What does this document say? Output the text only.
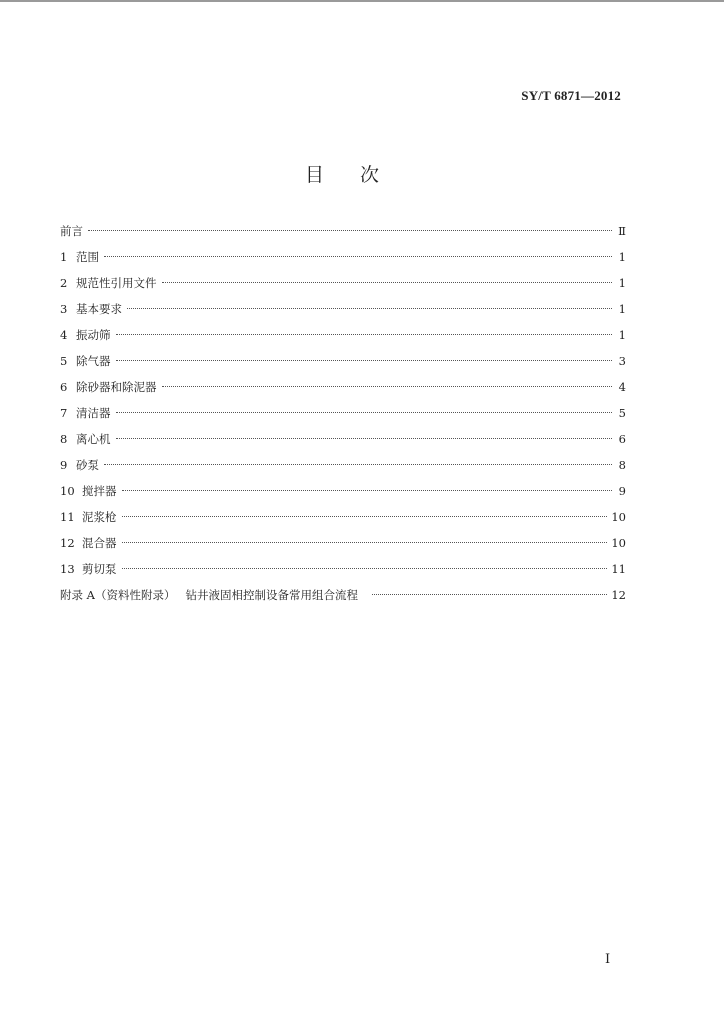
SY/T 6871—2012
目次
前言	Ⅱ
1 范围	1
2 规范性引用文件	1
3 基本要求	1
4 振动筛	1
5 除气器	3
6 除砂器和除泥器	4
7 清洁器	5
8 离心机	6
9 砂泵	8
10 搅拌器	9
11 泥浆枪	10
12 混合器	10
13 剪切泵	11
附录 A（资料性附录） 钻井液固相控制设备常用组合流程	12
Ⅰ
